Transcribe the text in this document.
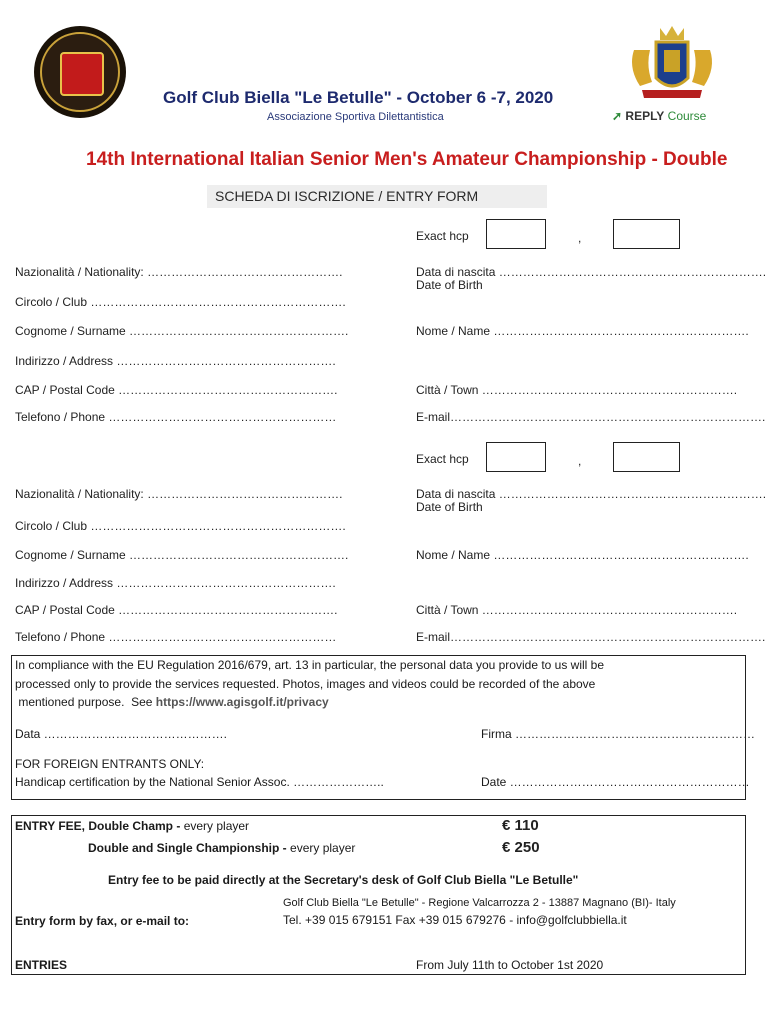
Golf Club Biella "Le Betulle" - October 6 -7, 2020
Associazione Sportiva Dilettantistica	➚ REPLY Course
14th International Italian Senior Men's Amateur Championship - Double
SCHEDA DI ISCRIZIONE / ENTRY FORM
Exact hcp	,
Nazionalità / Nationality: ………………………………………….	Data di nascita ………………………………………………………….
Date of Birth
Circolo / Club ……………………………………………………….
Cognome / Surname ……………………………………………….	Nome / Name ……………………………………………………….
Indirizzo / Address ……………………………………………….
CAP / Postal Code ……………………………………………….	Città / Town ……………………………………………………….
Telefono / Phone …………………………………………………	E-mail…………………………………………………………………….
Exact hcp	,
Nazionalità / Nationality: ………………………………………….	Data di nascita ………………………………………………………….
Date of Birth
Circolo / Club ……………………………………………………….
Cognome / Surname ……………………………………………….	Nome / Name ……………………………………………………….
Indirizzo / Address ……………………………………………….
CAP / Postal Code ……………………………………………….	Città / Town ……………………………………………………….
Telefono / Phone …………………………………………………	E-mail…………………………………………………………………….
In compliance with the EU Regulation 2016/679, art. 13 in particular, the personal data you provide to us will be
processed only to provide the services requested. Photos, images and videos could be recorded of the above
mentioned purpose.  See https://www.agisgolf.it/privacy
Data ……………………………………….	Firma ……………………………………………………
FOR FOREIGN ENTRANTS ONLY:
Handicap certification by the National Senior Assoc. …………………..	Date ……………………………………………………
ENTRY FEE, Double Champ - every player	€ 110
Double and Single Championship - every player	€ 250
Entry fee to be paid directly at the Secretary's desk of Golf Club Biella "Le Betulle"
Golf Club Biella "Le Betulle" - Regione Valcarrozza 2 - 13887 Magnano (BI)- Italy
Entry form by fax, or e-mail to:	Tel. +39 015 679151 Fax +39 015 679276 - info@golfclubbiella.it
ENTRIES	From July 11th to October 1st 2020
